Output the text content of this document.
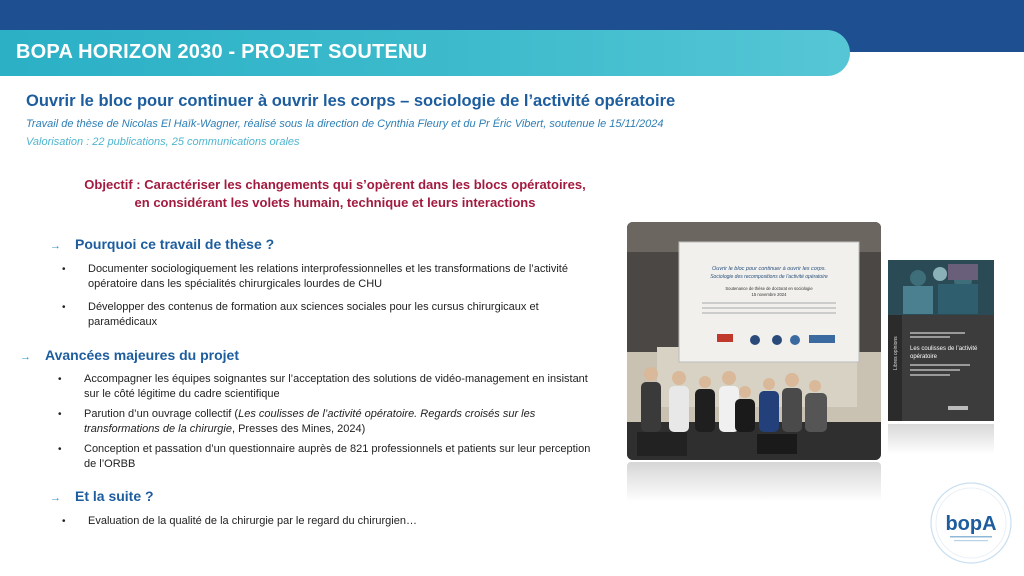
BOPA HORIZON 2030 - PROJET SOUTENU
Ouvrir le bloc pour continuer à ouvrir les corps – sociologie de l’activité opératoire
Travail de thèse de Nicolas El Haïk-Wagner, réalisé sous la direction de Cynthia Fleury et du Pr Éric Vibert, soutenue le 15/11/2024
Valorisation : 22 publications, 25 communications orales
Objectif : Caractériser les changements qui s’opèrent dans les blocs opératoires,
en considérant les volets humain, technique et leurs interactions
→ Pourquoi ce travail de thèse ?
• Documenter sociologiquement les relations interprofessionnelles et les transformations de l’activité opératoire dans les spécialités chirurgicales lourdes de CHU
• Développer des contenus de formation aux sciences sociales pour les cursus chirurgicaux et paramédicaux
→ Avancées majeures du projet
• Accompagner les équipes soignantes sur l’acceptation des solutions de vidéo-management en insistant sur le côté légitime du cadre scientifique
• Parution d’un ouvrage collectif (Les coulisses de l’activité opératoire. Regards croisés sur les transformations de la chirurgie, Presses des Mines, 2024)
• Conception et passation d’un questionnaire auprès de 821 professionnels et patients sur leur perception de l’ORBB
→ Et la suite ?
• Evaluation de la qualité de la chirurgie par le regard du chirurgien…
Ouvrir le bloc pour continuer à ouvrir les corps.
Sociologie des recompositions de l’activité opératoire
Soutenance de thèse de doctorat en sociologie
15 novembre 2024
Libres opinions Les coulisses de l’activité
opératoire
bopA
